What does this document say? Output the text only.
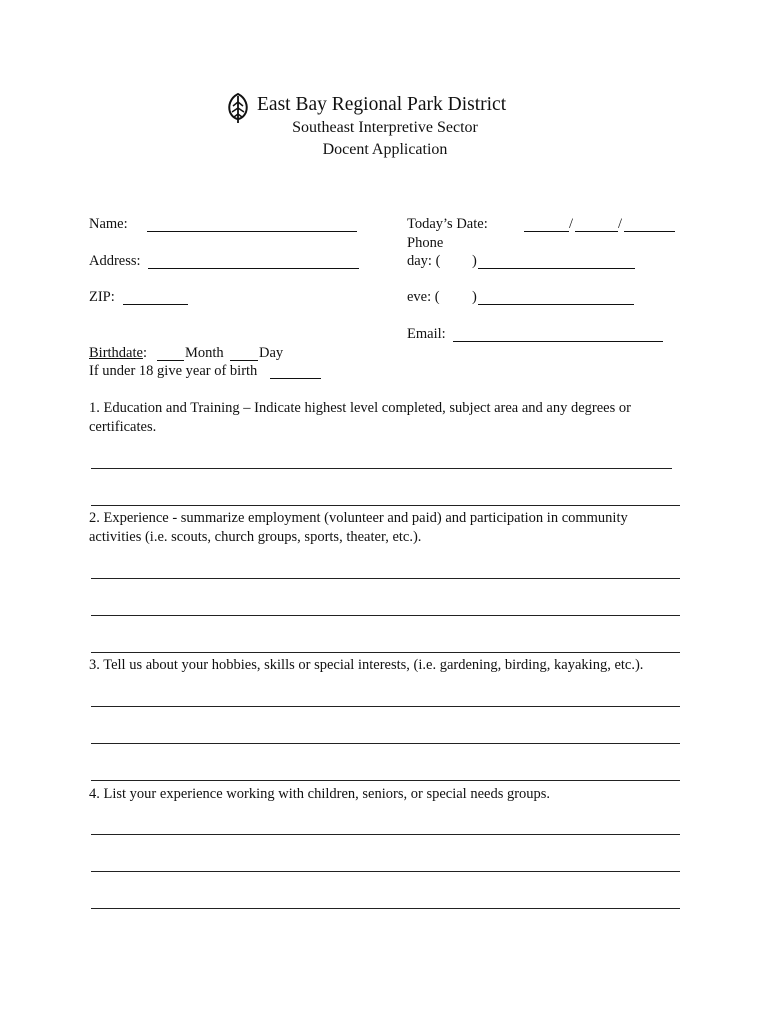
East Bay Regional Park District
Southeast Interpretive Sector
Docent Application
Name:
Address:
ZIP:
Today’s Date:	/	/
Phone
day: ( )
eve: ( )
Email:
Birthdate:	Month Day
If under 18 give year of birth
1. Education and Training – Indicate highest level completed, subject area and any degrees or certificates.
2. Experience - summarize employment (volunteer and paid) and participation in community activities (i.e. scouts, church groups, sports, theater, etc.).
3. Tell us about your hobbies, skills or special interests, (i.e. gardening, birding, kayaking, etc.).
4. List your experience working with children, seniors, or special needs groups.
